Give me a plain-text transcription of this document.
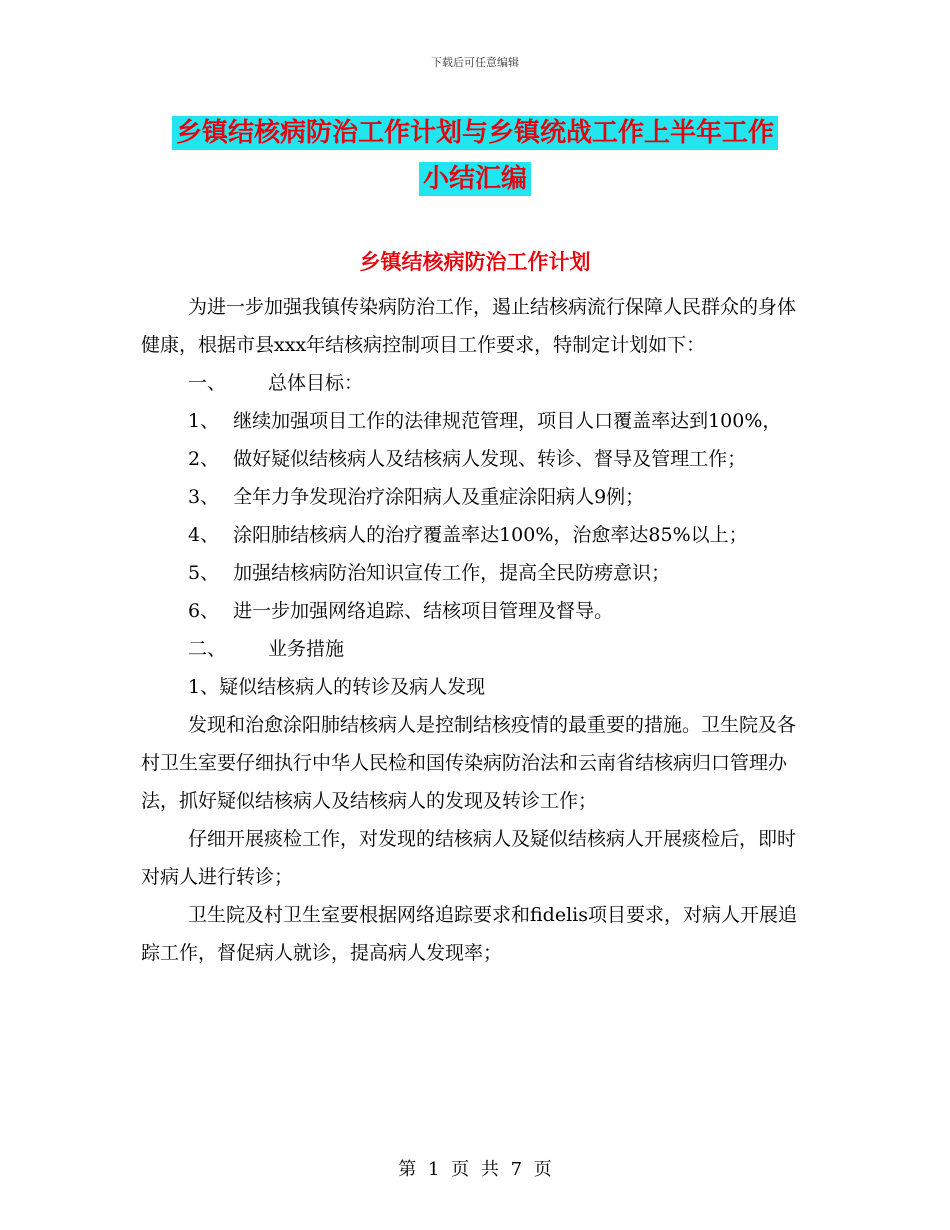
下载后可任意编辑
乡镇结核病防治工作计划与乡镇统战工作上半年工作
小结汇编
乡镇结核病防治工作计划

为进一步加强我镇传染病防治工作，遏止结核病流行保障人民群众的身体健康，根据市县xxx年结核病控制项目工作要求，特制定计划如下：

一、 总体目标：

1、 继续加强项目工作的法律规范管理，项目人口覆盖率达到100%，

2、 做好疑似结核病人及结核病人发现、转诊、督导及管理工作；

3、 全年力争发现治疗涂阳病人及重症涂阳病人9例；

4、 涂阳肺结核病人的治疗覆盖率达100%，治愈率达85%以上；

5、 加强结核病防治知识宣传工作，提高全民防痨意识；

6、 进一步加强网络追踪、结核项目管理及督导。

二、 业务措施

1、疑似结核病人的转诊及病人发现

发现和治愈涂阳肺结核病人是控制结核疫情的最重要的措施。卫生院及各村卫生室要仔细执行中华人民检和国传染病防治法和云南省结核病归口管理办法，抓好疑似结核病人及结核病人的发现及转诊工作；

仔细开展痰检工作，对发现的结核病人及疑似结核病人开展痰检后，即时对病人进行转诊；

卫生院及村卫生室要根据网络追踪要求和fidelis项目要求，对病人开展追踪工作，督促病人就诊，提高病人发现率；

第 1 页 共 7 页
